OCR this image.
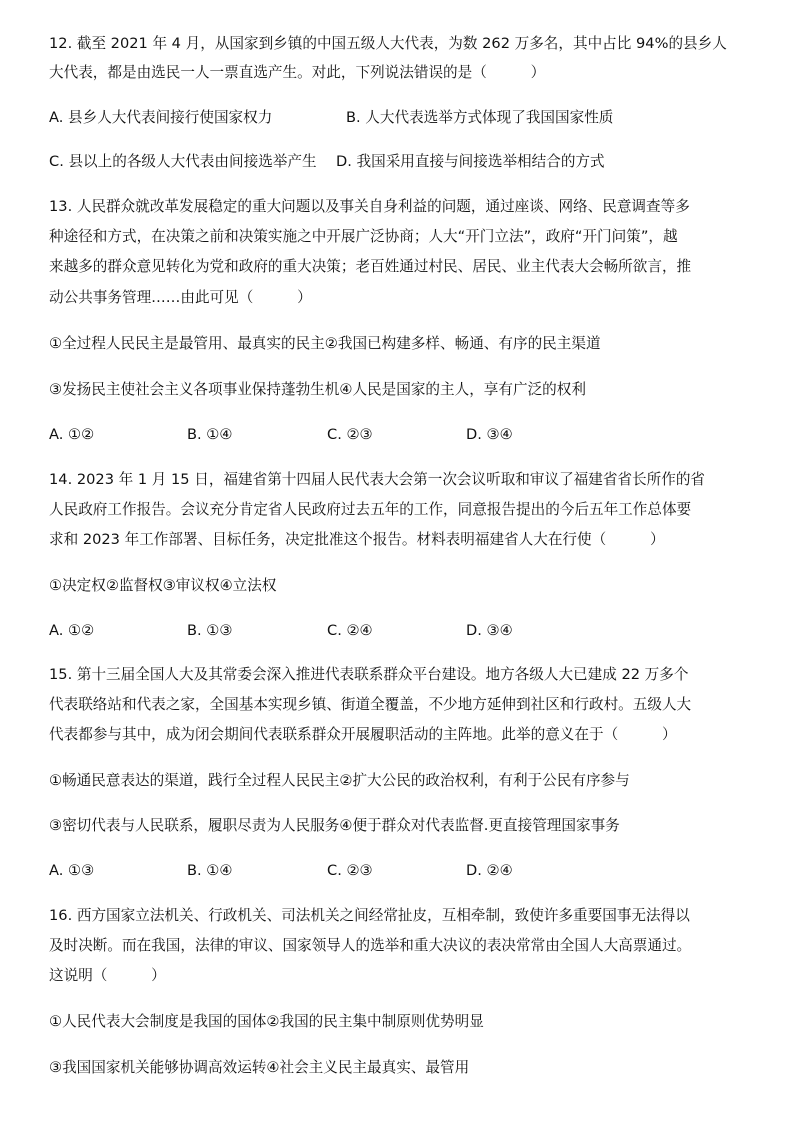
12. 截至 2021 年 4 月，从国家到乡镇的中国五级人大代表，为数 262 万多名，其中占比 94%的县乡人
大代表，都是由选民一人一票直选产生。对此，下列说法错误的是（　　　）
A. 县乡人大代表间接行使国家权力	B. 人大代表选举方式体现了我国国家性质
C. 县以上的各级人大代表由间接选举产生 D. 我国采用直接与间接选举相结合的方式
13. 人民群众就改革发展稳定的重大问题以及事关自身利益的问题，通过座谈、网络、民意调查等多
种途径和方式，在决策之前和决策实施之中开展广泛协商；人大“开门立法”，政府“开门问策”，越
来越多的群众意见转化为党和政府的重大决策；老百姓通过村民、居民、业主代表大会畅所欲言，推
动公共事务管理……由此可见（　　　）
①全过程人民民主是最管用、最真实的民主②我国已构建多样、畅通、有序的民主渠道
③发扬民主使社会主义各项事业保持蓬勃生机④人民是国家的主人，享有广泛的权利
A. ①②	B. ①④	C. ②③	D. ③④
14. 2023 年 1 月 15 日，福建省第十四届人民代表大会第一次会议听取和审议了福建省省长所作的省
人民政府工作报告。会议充分肯定省人民政府过去五年的工作，同意报告提出的今后五年工作总体要
求和 2023 年工作部署、目标任务，决定批准这个报告。材料表明福建省人大在行使（　　　）
①决定权②监督权③审议权④立法权
A. ①②	B. ①③	C. ②④	D. ③④
15. 第十三届全国人大及其常委会深入推进代表联系群众平台建设。地方各级人大已建成 22 万多个
代表联络站和代表之家，全国基本实现乡镇、街道全覆盖，不少地方延伸到社区和行政村。五级人大
代表都参与其中，成为闭会期间代表联系群众开展履职活动的主阵地。此举的意义在于（　　　）
①畅通民意表达的渠道，践行全过程人民民主②扩大公民的政治权利，有利于公民有序参与
③密切代表与人民联系，履职尽责为人民服务④便于群众对代表监督.更直接管理国家事务
A. ①③	B. ①④	C. ②③	D. ②④
16. 西方国家立法机关、行政机关、司法机关之间经常扯皮，互相牵制，致使许多重要国事无法得以
及时决断。而在我国，法律的审议、国家领导人的选举和重大决议的表决常常由全国人大高票通过。
这说明（　　　）
①人民代表大会制度是我国的国体②我国的民主集中制原则优势明显
③我国国家机关能够协调高效运转④社会主义民主最真实、最管用
